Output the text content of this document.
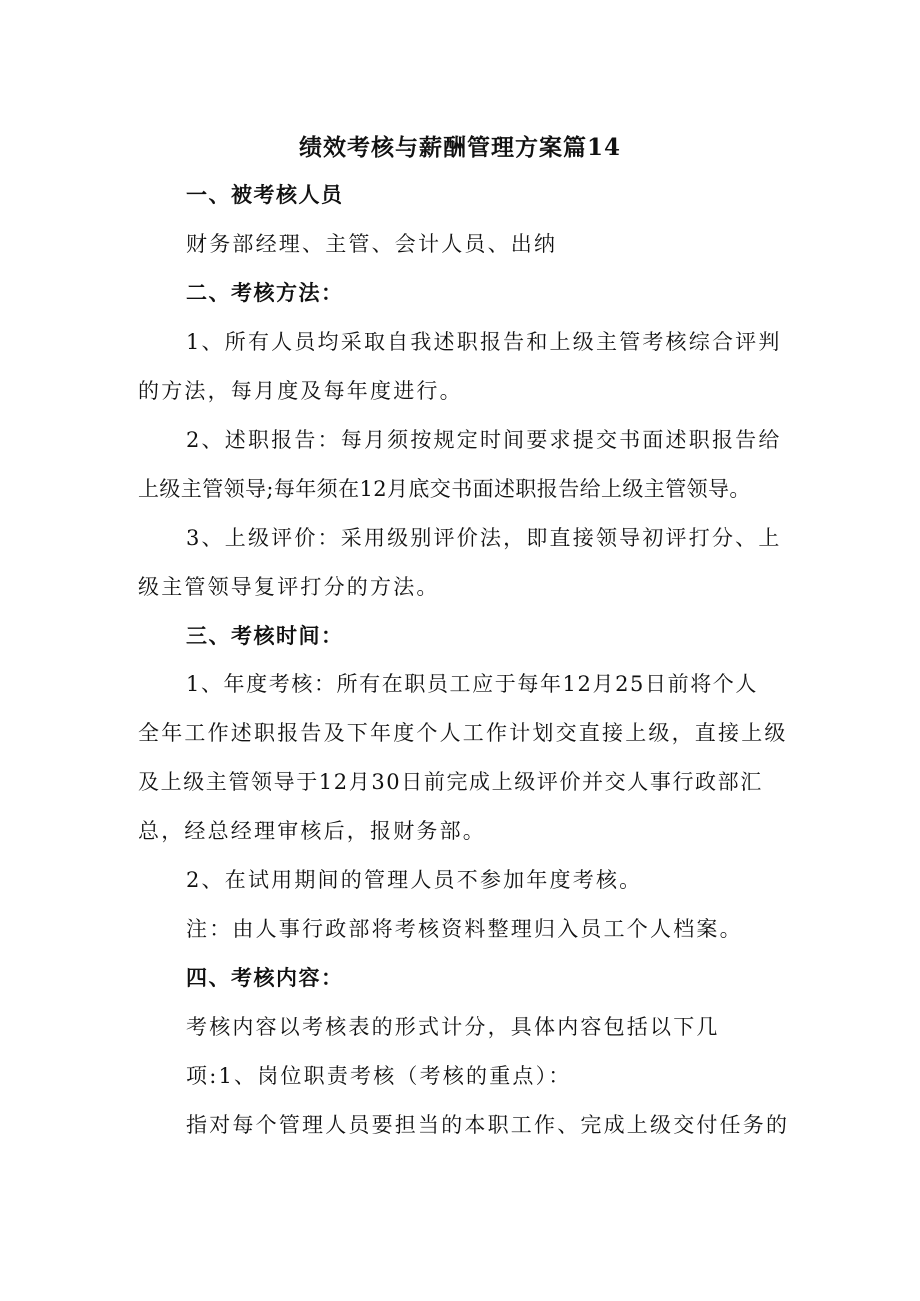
绩效考核与薪酬管理方案篇14
一、被考核人员
财务部经理、主管、会计人员、出纳
二、考核方法：
1、所有人员均采取自我述职报告和上级主管考核综合评判
的方法，每月度及每年度进行。
2、述职报告：每月须按规定时间要求提交书面述职报告给
上级主管领导;每年须在12月底交书面述职报告给上级主管领导。
3、上级评价：采用级别评价法，即直接领导初评打分、上
级主管领导复评打分的方法。
三、考核时间：
1、年度考核：所有在职员工应于每年12月25日前将个人
全年工作述职报告及下年度个人工作计划交直接上级，直接上级
及上级主管领导于12月30日前完成上级评价并交人事行政部汇
总，经总经理审核后，报财务部。
2、在试用期间的管理人员不参加年度考核。
注：由人事行政部将考核资料整理归入员工个人档案。
四、考核内容：
考核内容以考核表的形式计分，具体内容包括以下几
项:1、岗位职责考核（考核的重点）：
指对每个管理人员要担当的本职工作、完成上级交付任务的
